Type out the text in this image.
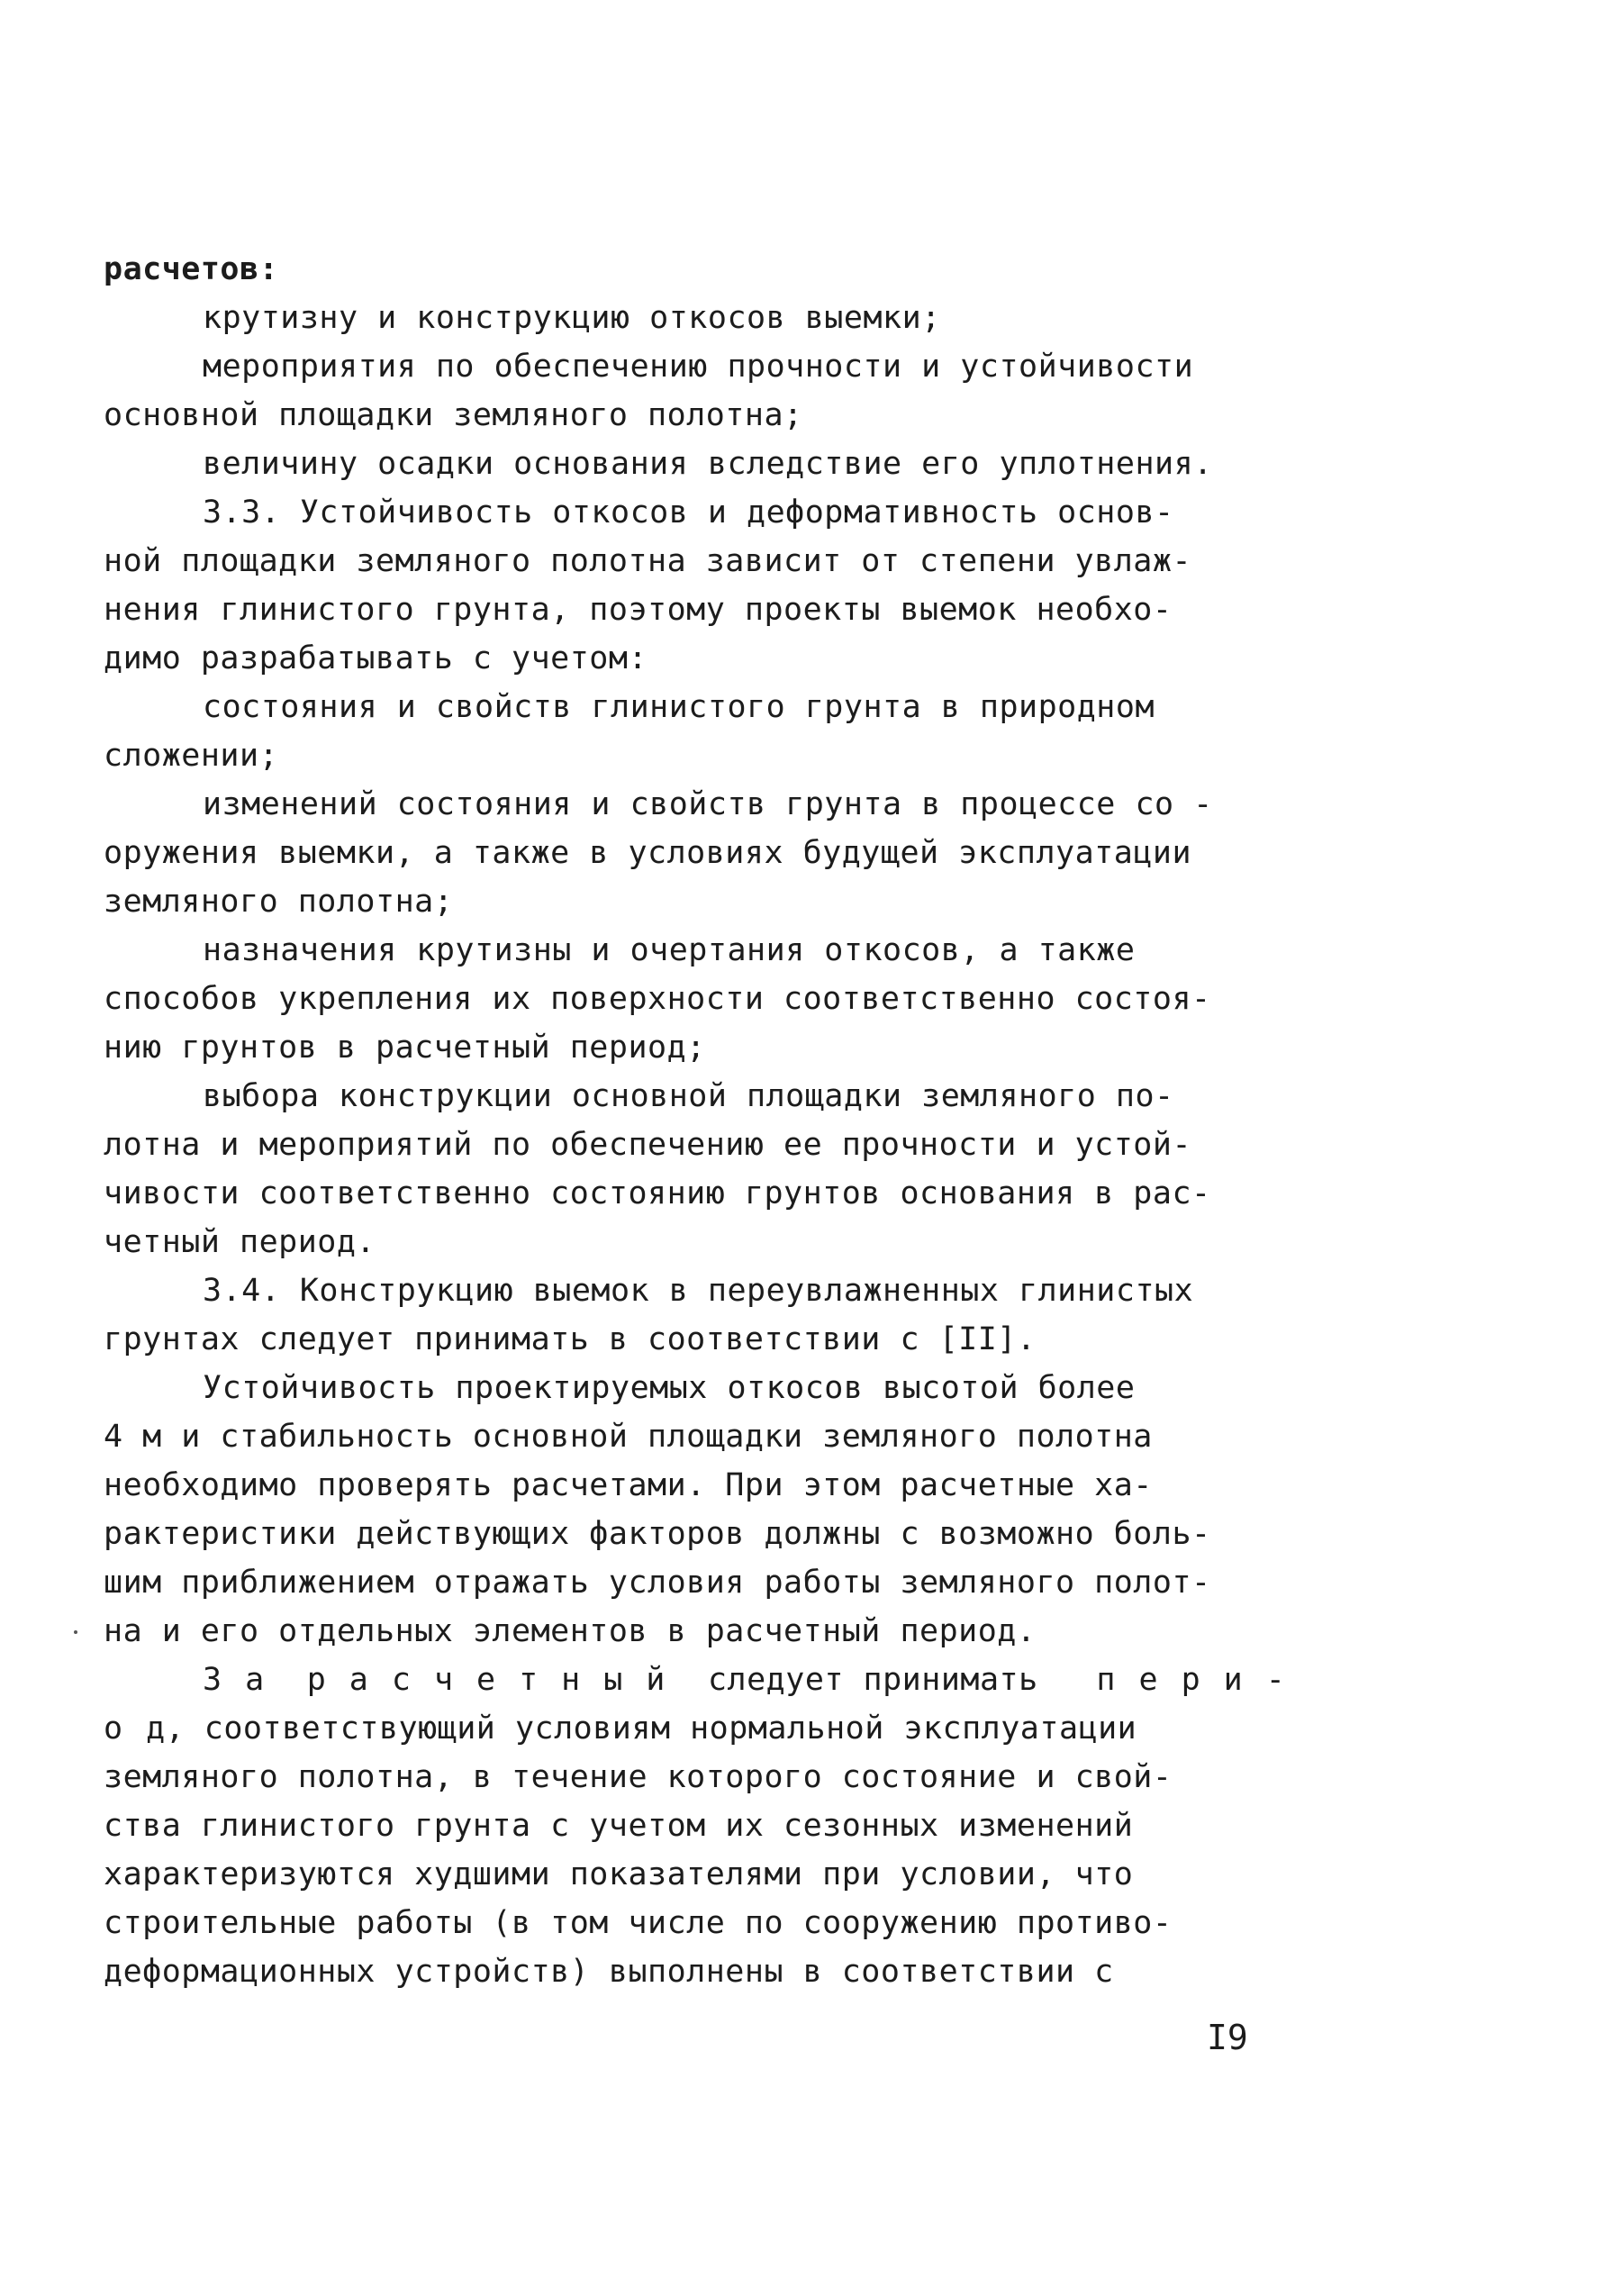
расчетов:
крутизну и конструкцию откосов выемки;
мероприятия по обеспечению прочности и устойчивости
основной площадки земляного полотна;
величину осадки основания вследствие его уплотнения.
3.3. Устойчивость откосов и деформативность основ-
ной площадки земляного полотна зависит от степени увлаж-
нения глинистого грунта, поэтому проекты выемок необхо-
димо разрабатывать с учетом:
состояния и свойств глинистого грунта в природном
сложении;
изменений состояния и свойств грунта в процессе со -
оружения выемки, а также в условиях будущей эксплуатации
земляного полотна;
назначения крутизны и очертания откосов, а также
способов укрепления их поверхности соответственно состоя-
нию грунтов в расчетный период;
выбора конструкции основной площадки земляного по-
лотна и мероприятий по обеспечению ее прочности и устой-
чивости соответственно состоянию грунтов основания в рас-
четный период.
3.4. Конструкцию выемок в переувлажненных глинистых
грунтах следует принимать в соответствии с [II].
Устойчивость проектируемых откосов высотой более
4 м и стабильность основной площадки земляного полотна
необходимо проверять расчетами. При этом расчетные ха-
рактеристики действующих факторов должны с возможно боль-
шим приближением отражать условия работы земляного полот-
на и его отдельных элементов в расчетный период.
За расчетный следует принимать пери-
од, соответствующий условиям нормальной эксплуатации
земляного полотна, в течение которого состояние и свой-
ства глинистого грунта с учетом их сезонных изменений
характеризуются худшими показателями при условии, что
строительные работы (в том числе по сооружению противо-
деформационных устройств) выполнены в соответствии с
I9
